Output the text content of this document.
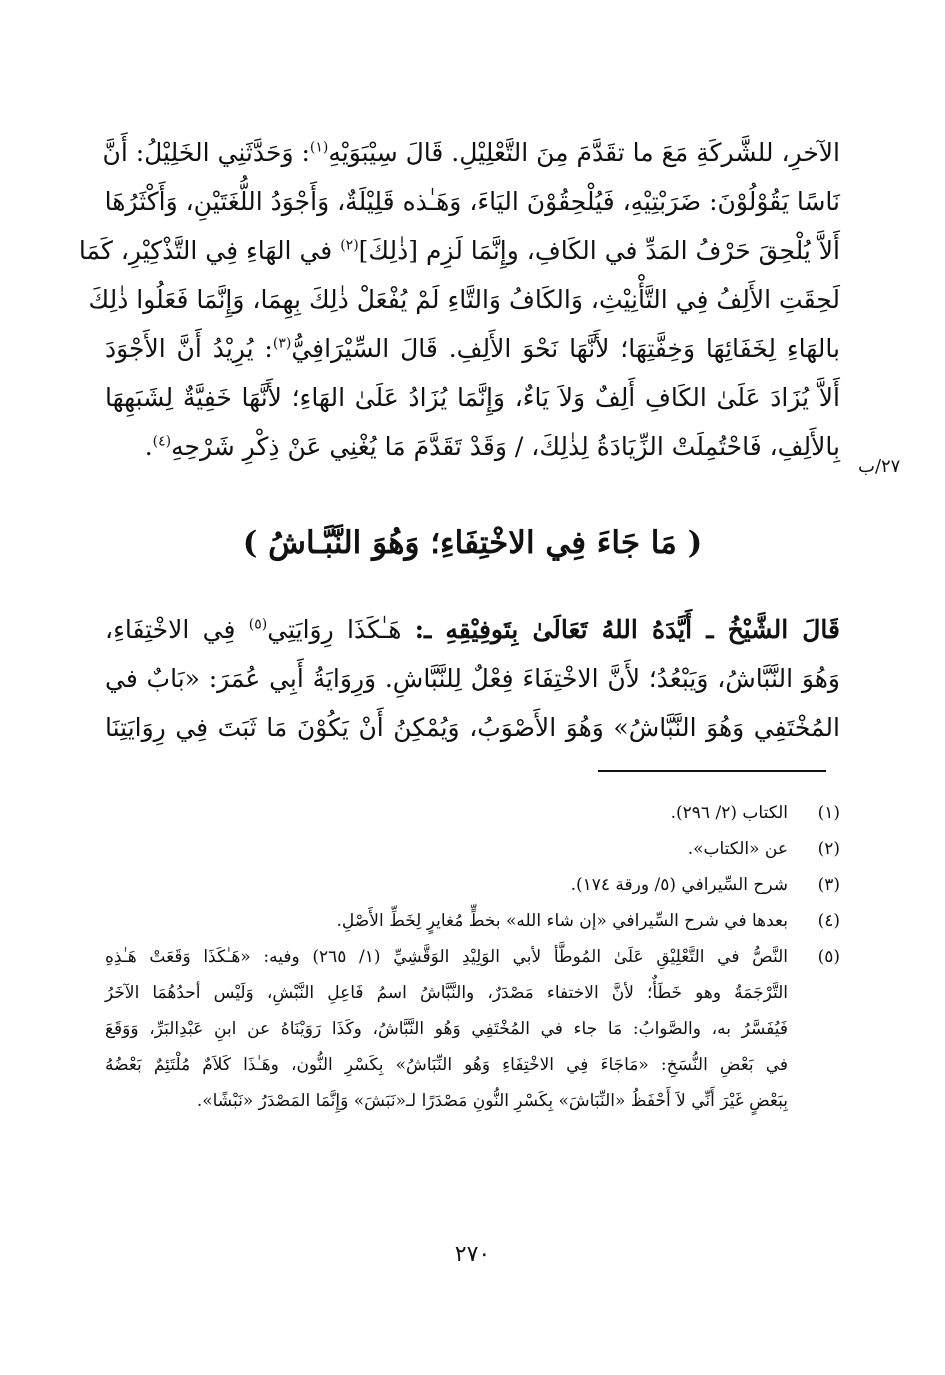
الآخرِ، للشَّركَةِ مَعَ ما تقَدَّمَ مِنَ التَّعْلِيْلِ. قَالَ سِيْبَوَيْهِ$^{(١)}$: وَحَدَّثَنِي الخَلِيْلُ: أَنَّ
نَاسًا يَقُوْلُوْنَ: ضَرَبْتِيْهِ، فَيُلْحِقُوْنَ اليَاءَ، وَهَـٰذه قَلِيْلَةٌ، وَأَجْوَدُ اللُّغَتَيْنِ، وَأَكْثَرُهَا
أَلاَّ يُلْحِقَ حَرْفُ المَدِّ في الكَافِ، وإِنَّمَا لَزِم [ذٰلِكَ]$^{(٢)}$ في الهَاءِ فِي التَّذْكِيْرِ، كَمَا
لَحِقَتِ الأَلِفُ فِي التَّأْنِيْثِ، وَالكَافُ وَالتَّاءِ لَمْ يُفْعَلْ ذٰلِكَ بِهِمَا، وَإِنَّمَا فَعَلُوا ذٰلِكَ
بالهَاءِ لِخَفَائِهَا وَخِفَّتِهَا؛ لأَنَّهَا نَحْوَ الأَلِفِ. قَالَ السِّيْرَافِيُّ$^{(٣)}$: يُرِيْدُ أَنَّ الأَجْوَدَ
أَلاَّ يُزَادَ عَلَىٰ الكَافِ أَلِفٌ وَلاَ يَاءٌ، وَإِنَّمَا يُزَادُ عَلَىٰ الهَاءِ؛ لأَنَّهَا خَفِيَّةٌ لِشَبَهِهَا
بِالأَلِفِ، فَاحْتُمِلَتْ الزِّيَادَةُ لِذٰلِكَ، / وَقَدْ تَقَدَّمَ مَا يُغْنِي عَنْ ذِكْرِ شَرْحِهِ$^{(٤)}$.
٢٧/ب
( مَا جَاءَ فِي الاخْتِفَاءِ؛ وَهُوَ النَّبَّـاشُ )
قَالَ الشَّيْخُ ـ أَيَّدَهُ اللهُ تَعَالَىٰ بِتَوفِيْقِهِ ـ: هَـٰكَذَا رِوَايَتِي$^{(٥)}$ فِي الاخْتِفَاءِ،
وَهُوَ النَّبَّاشُ، وَيَبْعُدُ؛ لأَنَّ الاخْتِفَاءَ فِعْلٌ لِلنَّبَّاشِ. وَرِوَايَةُ أَبِي عُمَرَ: «بَابٌ في
المُخْتَفِي وَهُوَ النَّبَّاشُ» وَهُوَ الأَصْوَبُ، وَيُمْكِنُ أَنْ يَكُوْنَ مَا ثَبَتَ فِي رِوَايَتِنَا
(١)
الكتاب (٢/ ٢٩٦).
(٢)
عن «الكتاب».
(٣)
شرح السِّيرافي (٥/ ورقة ١٧٤).
(٤)
بعدها في شرح السِّيرافي «إن شاء الله» بخطٍّ مُغايرٍ لِخَطِّ الأَصْلِ.
(٥)
النَّصُّ في التَّعْلِيْقِ عَلَىٰ المُوطَّأ لأبي الوَلِيْدِ الوَقَّشِيِّ (١/ ٢٦٥) وفيه: «هَـٰكَذَا وَقَعَتْ هَـٰذِهِ
التَّرْجَمَةُ وهو خَطَأٌ؛ لأنَّ الاختفاء مَصْدَرٌ، والنَّبَّاشُ اسمُ فَاعِلِ النَّبْشِ، وَلَيْس أحدُهُمَا الآخَرُ
فَيُفَسَّرُ به، والصَّوابُ: مَا جاء في المُخْتَفِي وَهُو النَّبَّاشُ، وكَذَا رَوَيْنَاهُ عن ابنِ عَبْدِالبَرِّ، وَوَقَعَ
في بَعْضِ النُّسَخِ: «مَاجَاءَ فِي الاخْتِفَاءِ وَهُو النِّبَاشُ» بِكَسْرِ النُّون، وهَـٰذَا كَلاَمٌ مُلْتَئِمٌ بَعْضُهُ
بِبَعْضٍ غَيْرَ أَنِّي لاَ أَحْفَظُ «النِّبَاشَ» بِكَسْرِ النُّونِ مَصْدَرًا لـ«نَبَشَ» وَإِنَّمَا المَصْدَرُ «نَبْشًا».
٢٧٠
